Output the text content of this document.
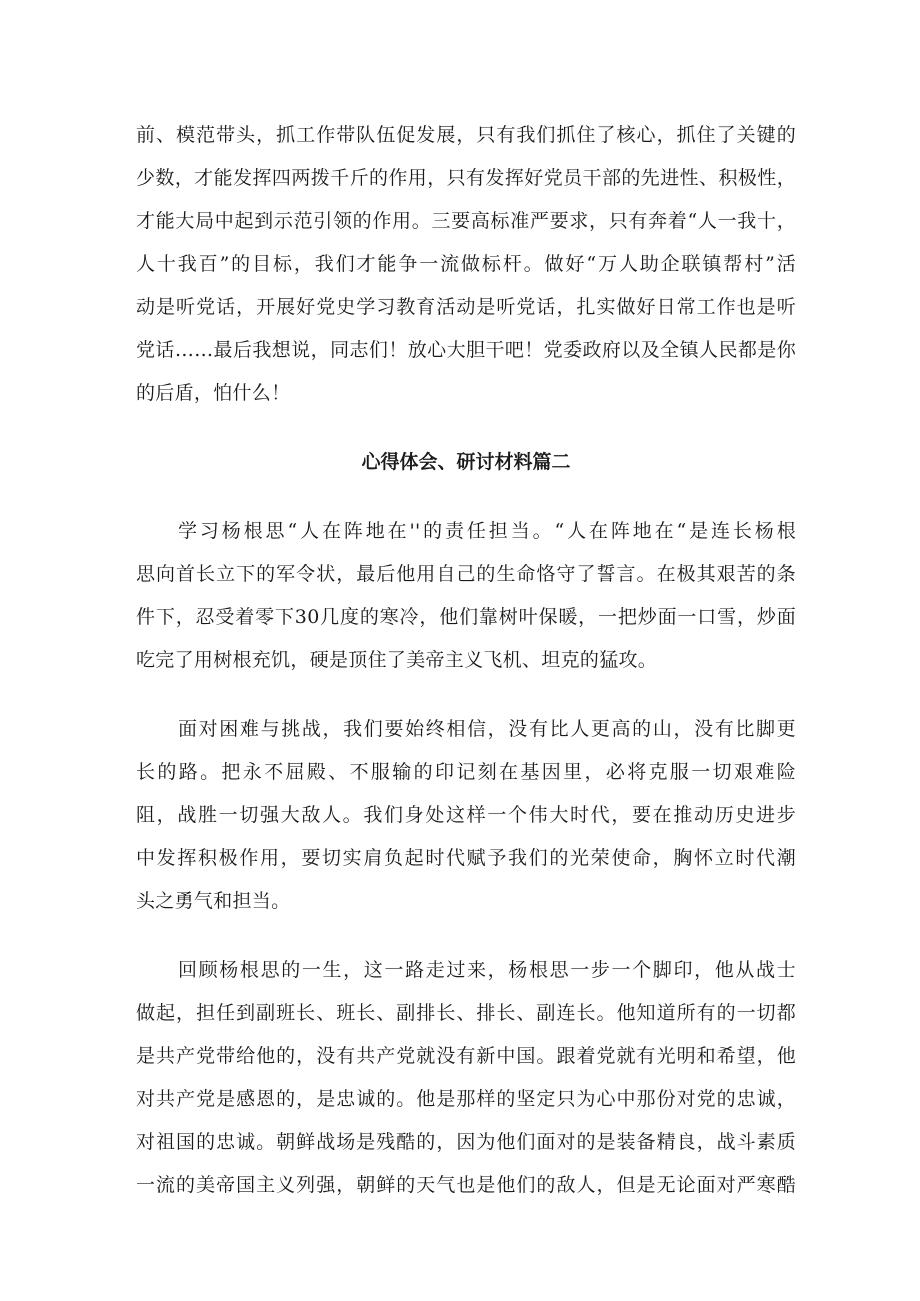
前、模范带头，抓工作带队伍促发展，只有我们抓住了核心，抓住了关键的
少数，才能发挥四两拨千斤的作用，只有发挥好党员干部的先进性、积极性，
才能大局中起到示范引领的作用。三要高标准严要求，只有奔着“人一我十，
人十我百”的目标，我们才能争一流做标杆。做好“万人助企联镇帮村”活
动是听党话，开展好党史学习教育活动是听党话，扎实做好日常工作也是听
党话……最后我想说，同志们！放心大胆干吧！党委政府以及全镇人民都是你
的后盾，怕什么！
心得体会、研讨材料篇二
学习杨根思“人在阵地在''的责任担当。“人在阵地在“是连长杨根
思向首长立下的军令状，最后他用自己的生命恪守了誓言。在极其艰苦的条
件下，忍受着零下30几度的寒冷，他们靠树叶保暖，一把炒面一口雪，炒面
吃完了用树根充饥，硬是顶住了美帝主义飞机、坦克的猛攻。
面对困难与挑战，我们要始终相信，没有比人更高的山，没有比脚更
长的路。把永不屈殿、不服输的印记刻在基因里，必将克服一切艰难险
阻，战胜一切强大敌人。我们身处这样一个伟大时代，要在推动历史进步
中发挥积极作用，要切实肩负起时代赋予我们的光荣使命，胸怀立时代潮
头之勇气和担当。
回顾杨根思的一生，这一路走过来，杨根思一步一个脚印，他从战士
做起，担任到副班长、班长、副排长、排长、副连长。他知道所有的一切都
是共产党带给他的，没有共产党就没有新中国。跟着党就有光明和希望，他
对共产党是感恩的，是忠诚的。他是那样的坚定只为心中那份对党的忠诚，
对祖国的忠诚。朝鲜战场是残酷的，因为他们面对的是装备精良，战斗素质
一流的美帝国主义列强，朝鲜的天气也是他们的敌人，但是无论面对严寒酷
